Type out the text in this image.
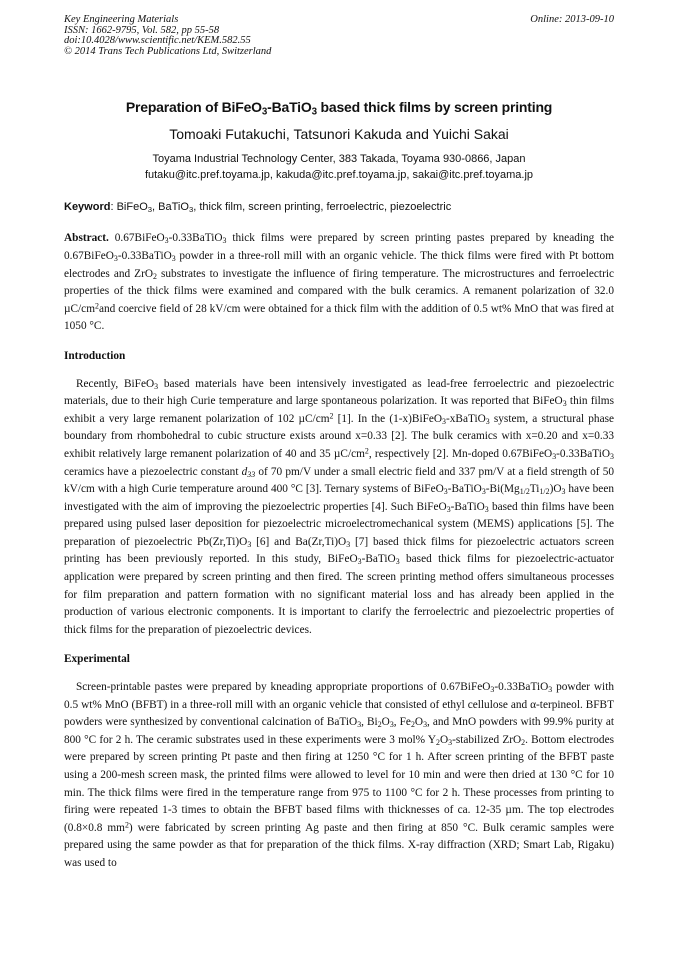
Key Engineering Materials
ISSN: 1662-9795, Vol. 582, pp 55-58
doi:10.4028/www.scientific.net/KEM.582.55
© 2014 Trans Tech Publications Ltd, Switzerland
Online: 2013-09-10
Preparation of BiFeO$_3$-BaTiO$_3$ based thick films by screen printing
Tomoaki Futakuchi, Tatsunori Kakuda and Yuichi Sakai
Toyama Industrial Technology Center, 383 Takada, Toyama 930-0866, Japan
futaku@itc.pref.toyama.jp, kakuda@itc.pref.toyama.jp, sakai@itc.pref.toyama.jp
Keyword: BiFeO$_3$, BaTiO$_3$, thick film, screen printing, ferroelectric, piezoelectric

Abstract. 0.67BiFeO$_3$-0.33BaTiO$_3$ thick films were prepared by screen printing pastes prepared by kneading the 0.67BiFeO$_3$-0.33BaTiO$_3$ powder in a three-roll mill with an organic vehicle. The thick films were fired with Pt bottom electrodes and ZrO$_2$ substrates to investigate the influence of firing temperature. The microstructures and ferroelectric properties of the thick films were examined and compared with the bulk ceramics. A remanent polarization of 32.0 $\mu C/cm^2and$ coercive field of 28 kV/cm were obtained for a thick film with the addition of 0.5 wt% MnO that was fired at 1050 °C.

Introduction

Recently, BiFeO$_3$ based materials have been intensively investigated as lead-free ferroelectric and piezoelectric materials, due to their high Curie temperature and large spontaneous polarization. It was reported that BiFeO$_3$ thin films exhibit a very large remanent polarization of 102 $\mu C/cm^2$ [1]. In the (1-x)BiFeO$_3$-xBaTiO$_3$ system, a structural phase boundary from rhombohedral to cubic structure exists around x=0.33 [2]. The bulk ceramics with x=0.20 and x=0.33 exhibit relatively large remanent polarization of 40 and 35 $\mu C/cm^2$, respectively [2]. Mn-doped 0.67BiFeO$_3$-0.33BaTiO$_3$ ceramics have a piezoelectric constant $d_{33}$ of 70 pm/V under a small electric field and 337 pm/V at a field strength of 50 kV/cm with a high Curie temperature around 400 °C [3]. Ternary systems of $BiFeO_3-BaTiO_3-Bi(Mg_{1/2}Ti_{1/2})O_3$ have been investigated with the aim of improving the piezoelectric properties [4]. Such BiFeO$_3$-BaTiO$_3$ based thin films have been prepared using pulsed laser deposition for piezoelectric microelectromechanical system (MEMS) applications [5]. The preparation of piezoelectric $Pb(Zr,Ti)O_3$ [6] and $Ba(Zr,Ti)O_3$ [7] based thick films for piezoelectric actuators screen printing has been previously reported. In this study, BiFeO$_3$-BaTiO$_3$ based thick films for piezoelectric-actuator application were prepared by screen printing and then fired. The screen printing method offers simultaneous processes for film preparation and pattern formation with no significant material loss and has already been applied in the production of various electronic components. It is important to clarify the ferroelectric and piezoelectric properties of thick films for the preparation of piezoelectric devices.

Experimental

Screen-printable pastes were prepared by kneading appropriate proportions of 0.67BiFeO$_3$-0.33BaTiO$_3$ powder with 0.5 wt% MnO (BFBT) in a three-roll mill with an organic vehicle that consisted of ethyl cellulose and α-terpineol. BFBT powders were synthesized by conventional calcination of BaTiO$_3$, $Bi_2O_3$, $Fe_2O_3$, and MnO powders with 99.9% purity at 800 °C for 2 h. The ceramic substrates used in these experiments were 3 mol% $Y_2O_3$-stabilized ZrO$_2$. Bottom electrodes were prepared by screen printing Pt paste and then firing at 1250 °C for 1 h. After screen printing of the BFBT paste using a 200-mesh screen mask, the printed films were allowed to level for 10 min and were then dried at 130 °C for 10 min. The thick films were fired in the temperature range from 975 to 1100 °C for 2 h. These processes from printing to firing were repeated 1-3 times to obtain the BFBT based films with thicknesses of ca. 12-35 µm. The top electrodes (0.8×0.8 $mm^2$) were fabricated by screen printing Ag paste and then firing at 850 °C. Bulk ceramic samples were prepared using the same powder as that for preparation of the thick films. X-ray diffraction (XRD; Smart Lab, Rigaku) was used to
